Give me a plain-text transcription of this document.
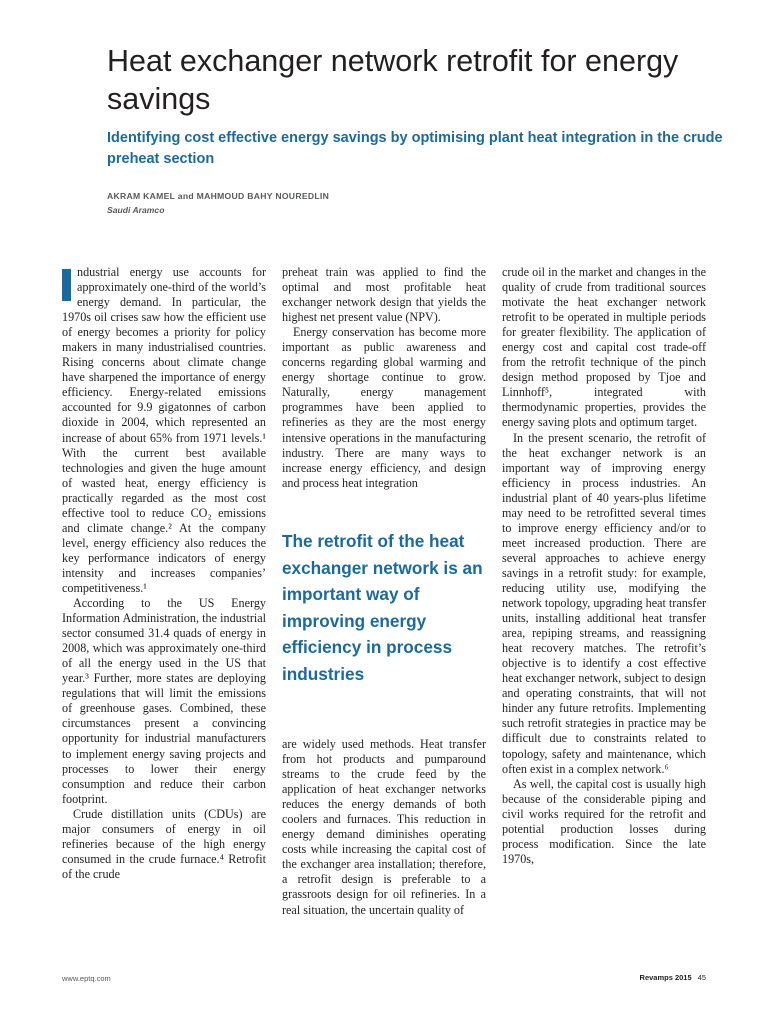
Heat exchanger network retrofit for energy savings
Identifying cost effective energy savings by optimising plant heat integration in the crude preheat section

AKRAM KAMEL and MAHMOUD BAHY NOUREDLIN

Saudi Aramco

ndustrial energy use accounts for approximately one-third of the world’s energy demand. In particular, the 1970s oil crises saw how the efficient use of energy becomes a priority for policy makers in many industrialised countries. Rising concerns about climate change have sharpened the importance of energy efficiency. Energy-related emissions accounted for 9.9 gigatonnes of carbon dioxide in 2004, which represented an increase of about 65% from 1971 levels.¹ With the current best available technologies and given the huge amount of wasted heat, energy efficiency is practically regarded as the most cost effective tool to reduce CO₂ emissions and climate change.² At the company level, energy efficiency also reduces the key performance indicators of energy intensity and increases companies’ competitiveness.¹

According to the US Energy Information Administration, the industrial sector consumed 31.4 quads of energy in 2008, which was approximately one-third of all the energy used in the US that year.³ Further, more states are deploying regulations that will limit the emissions of greenhouse gases. Combined, these circumstances present a convincing opportunity for industrial manufacturers to implement energy saving projects and processes to lower their energy consumption and reduce their carbon footprint.

Crude distillation units (CDUs) are major consumers of energy in oil refineries because of the high energy consumed in the crude furnace.⁴ Retrofit of the crude

preheat train was applied to find the optimal and most profitable heat exchanger network design that yields the highest net present value (NPV).

Energy conservation has become more important as public awareness and concerns regarding global warming and energy shortage continue to grow. Naturally, energy management programmes have been applied to refineries as they are the most energy intensive operations in the manufacturing industry. There are many ways to increase energy efficiency, and design and process heat integration

The retrofit of the heat exchanger network is an important way of improving energy efficiency in process industries

are widely used methods. Heat transfer from hot products and pumparound streams to the crude feed by the application of heat exchanger networks reduces the energy demands of both coolers and furnaces. This reduction in energy demand diminishes operating costs while increasing the capital cost of the exchanger area installation; therefore, a retrofit design is preferable to a grassroots design for oil refineries. In a real situation, the uncertain quality of

crude oil in the market and changes in the quality of crude from traditional sources motivate the heat exchanger network retrofit to be operated in multiple periods for greater flexibility. The application of energy cost and capital cost trade-off from the retrofit technique of the pinch design method proposed by Tjoe and Linnhoff⁵, integrated with thermodynamic properties, provides the energy saving plots and optimum target.

In the present scenario, the retrofit of the heat exchanger network is an important way of improving energy efficiency in process industries. An industrial plant of 40 years-plus lifetime may need to be retrofitted several times to improve energy efficiency and/or to meet increased production. There are several approaches to achieve energy savings in a retrofit study: for example, reducing utility use, modifying the network topology, upgrading heat transfer units, installing additional heat transfer area, repiping streams, and reassigning heat recovery matches. The retrofit’s objective is to identify a cost effective heat exchanger network, subject to design and operating constraints, that will not hinder any future retrofits. Implementing such retrofit strategies in practice may be difficult due to constraints related to topology, safety and maintenance, which often exist in a complex network.⁶

As well, the capital cost is usually high because of the considerable piping and civil works required for the retrofit and potential production losses during process modification. Since the late 1970s,

www.eptq.com	Revamps 2015 45
